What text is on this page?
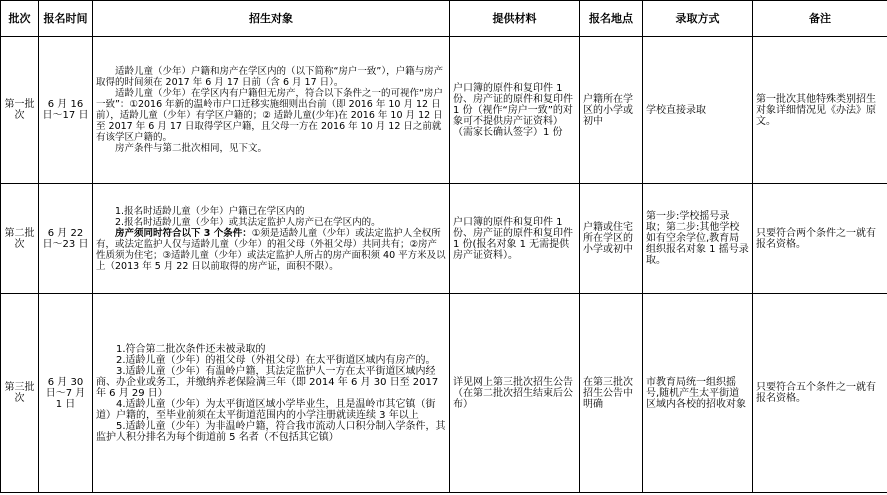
批次	报名时间	招生对象	提供材料	报名地点	录取方式	备注
第一批次	6 月 16 日～17 日	适龄儿童（少年）户籍和房产在学区内的（以下简称“房户一致”），户籍与房产取得的时间须在 2017 年 6 月 17 日前（含 6 月 17 日）。

适龄儿童（少年）在学区内有户籍但无房产，符合以下条件之一的可视作“房户一致”：①2016 年新的温岭市户口迁移实施细则出台前（即 2016 年 10 月 12 日前），适龄儿童（少年）有学区户籍的；② 适龄儿童(少年)在 2016 年 10 月 12 日至 2017 年 6 月 17 日取得学区户籍，且父母一方在 2016 年 10 月 12 日之前就有该学区户籍的。

房产条件与第二批次相同，见下文。	户口簿的原件和复印件 1 份、房产证的原件和复印件 1 份（视作“房户一致”的对象可不提供房产证资料）（需家长确认签字）1 份	户籍所在学区的小学或初中	学校直接录取	第一批次其他特殊类别招生对象详细情况见《办法》原文。
第二批次	6 月 22 日～23 日	1.报名时适龄儿童（少年）户籍已在学区内的

2.报名时适龄儿童（少年）或其法定监护人房产已在学区内的。

房产须同时符合以下 3 个条件：①须是适龄儿童（少年）或法定监护人全权所有，或法定监护人仅与适龄儿童（少年）的祖父母（外祖父母）共同共有；②房产性质须为住宅；③适龄儿童（少年）或法定监护人所占的房产面积须 40 平方米及以上（2013 年 5 月 22 日以前取得的房产证，面积不限）。	户口簿的原件和复印件 1 份、房产证的原件和复印件 1 份(报名对象 1 无需提供房产证资料）。	户籍或住宅所在学区的小学或初中	第一步:学校摇号录取；第二步:其他学校如有空余学位,教育局组织报名对象 1 摇号录取。	只要符合两个条件之一就有报名资格。
第三批次	6 月 30 日～7 月 1 日	1.符合第二批次条件还未被录取的

2.适龄儿童（少年）的祖父母（外祖父母）在太平街道区域内有房产的。

3.适龄儿童（少年）有温岭户籍，其法定监护人一方在太平街道区域内经商、办企业或务工，并缴纳养老保险满三年（即 2014 年 6 月 30 日至 2017 年 6 月 29 日）

4.适龄儿童（少年）为太平街道区域小学毕业生，且是温岭市其它镇（街道）户籍的，至毕业前须在太平街道范围内的小学注册就读连续 3 年以上

5.适龄儿童（少年）为非温岭户籍，符合我市流动人口积分制入学条件，其监护人积分排名为每个街道前 5 名者（不包括其它镇）	详见网上第三批次招生公告（在第二批次招生结束后公布）	在第三批次招生公告中明确	市教育局统一组织摇号,随机产生太平街道区域内各校的招收对象	只要符合五个条件之一就有报名资格。
